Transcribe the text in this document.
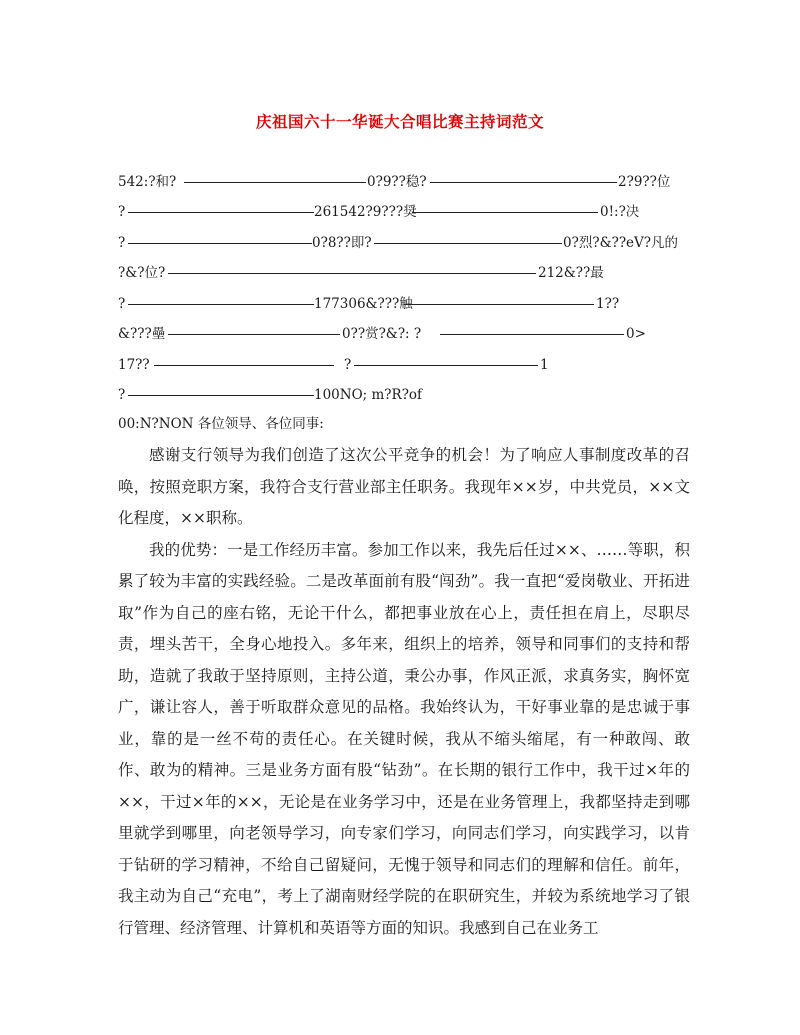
庆祖国六十一华诞大合唱比赛主持词范文
542:?和?	0?9??稳?	2?9??位
?	261542?9???奨	0!:?决
?	0?8??即?	0?烈?&??eV?凡的
?&?位?	212&??最
?	177306&???触	1??
&???壘	0??赏?&?: ?	0>
17??	?	1
?	100NO; m?R?of
00:N?NON 各位领导、各位同事:

感谢支行领导为我们创造了这次公平竞争的机会！为了响应人事制度改革的召唤，按照竞职方案，我符合支行营业部主任职务。我现年××岁，中共党员，××文化程度，××职称。

我的优势：一是工作经历丰富。参加工作以来，我先后任过××、……等职，积累了较为丰富的实践经验。二是改革面前有股“闯劲”。我一直把“爱岗敬业、开拓进取”作为自己的座右铭，无论干什么，都把事业放在心上，责任担在肩上，尽职尽责，埋头苦干，全身心地投入。多年来，组织上的培养，领导和同事们的支持和帮助，造就了我敢于坚持原则，主持公道，秉公办事，作风正派，求真务实，胸怀宽广，谦让容人，善于听取群众意见的品格。我始终认为，干好事业靠的是忠诚于事业，靠的是一丝不苟的责任心。在关键时候，我从不缩头缩尾，有一种敢闯、敢作、敢为的精神。三是业务方面有股“钻劲”。在长期的银行工作中，我干过×年的××，干过×年的××，无论是在业务学习中，还是在业务管理上，我都坚持走到哪里就学到哪里，向老领导学习，向专家们学习，向同志们学习，向实践学习，以肯于钻研的学习精神，不给自己留疑问，无愧于领导和同志们的理解和信任。前年，我主动为自己“充电”，考上了湖南财经学院的在职研究生，并较为系统地学习了银行管理、经济管理、计算机和英语等方面的知识。我感到自己在业务工
